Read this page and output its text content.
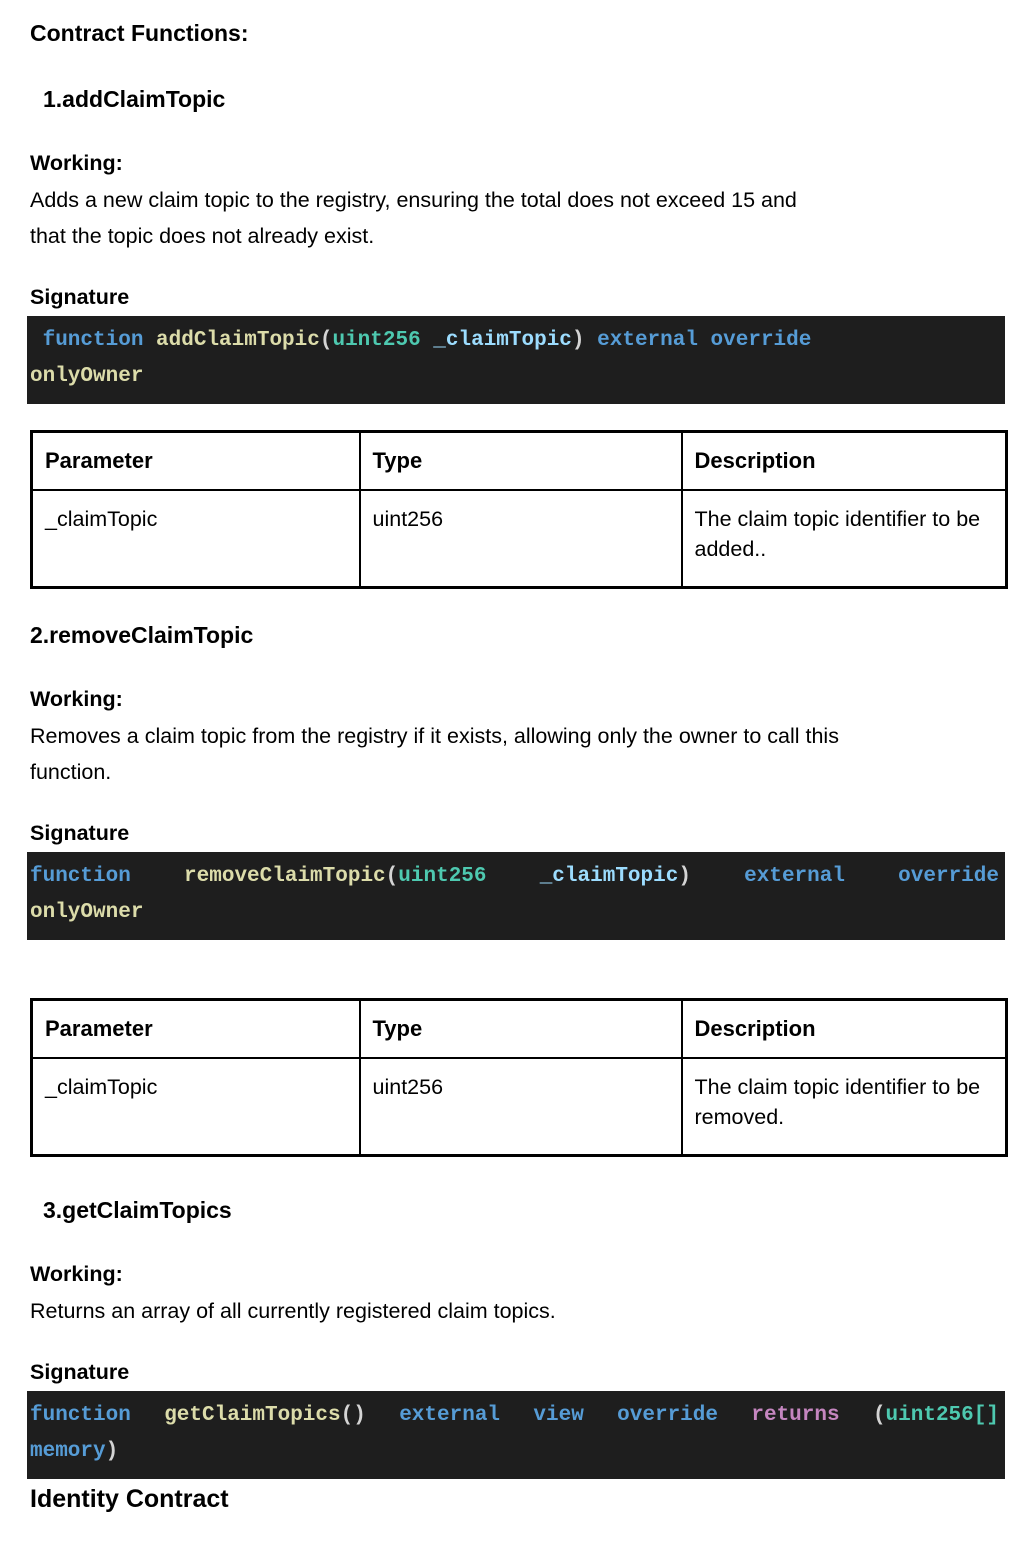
Contract Functions:
1.addClaimTopic
Working:

Adds a new claim topic to the registry, ensuring the total does not exceed 15 and
that the topic does not already exist.

Signature
function addClaimTopic(uint256 _claimTopic) external override
onlyOwner
Parameter	Type	Description
_claimTopic	uint256	The claim topic identifier to be added..
2.removeClaimTopic
Working:

Removes a claim topic from the registry if it exists, allowing only the owner to call this
function.

Signature
function	removeClaimTopic(uint256	_claimTopic)	external	override
onlyOwner
Parameter	Type	Description
_claimTopic	uint256	The claim topic identifier to be removed.
3.getClaimTopics
Working:

Returns an array of all currently registered claim topics.

Signature
function getClaimTopics() external view override returns (uint256[]
memory)
Identity Contract
